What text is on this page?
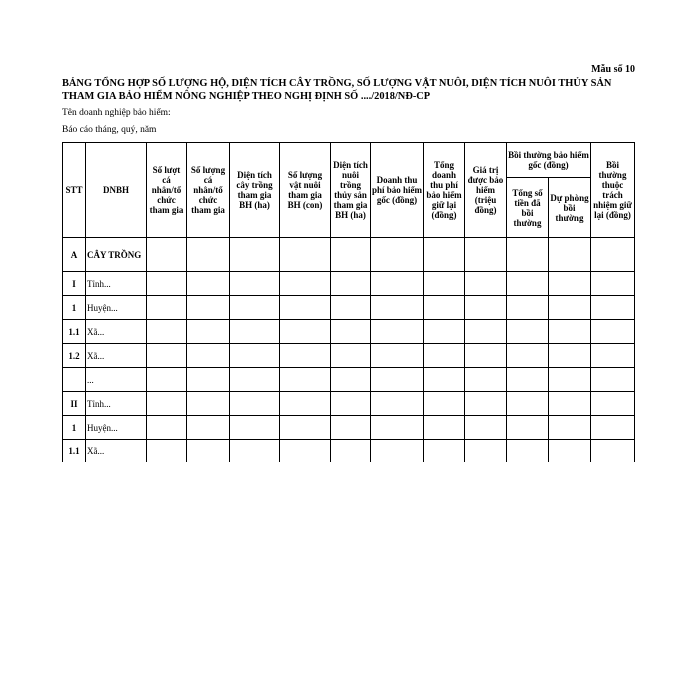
Mẫu số 10
BẢNG TỔNG HỢP SỐ LƯỢNG HỘ, DIỆN TÍCH CÂY TRỒNG, SỐ LƯỢNG VẬT NUÔI, DIỆN TÍCH NUÔI THỦY SẢN
THAM GIA BẢO HIỂM NÔNG NGHIỆP THEO NGHỊ ĐỊNH SỐ ..../2018/NĐ-CP
Tên doanh nghiệp bảo hiểm:
Báo cáo tháng, quý, năm
STT	DNBH	Số lượt cá nhân/tổ chức tham gia	Số lượng cá nhân/tổ chức tham gia	Diện tích cây trồng tham gia BH (ha)	Số lượng vật nuôi tham gia BH (con)	Diện tích nuôi trồng thủy sản tham gia BH (ha)	Doanh thu phí bảo hiểm gốc (đồng)	Tổng doanh thu phí bảo hiểm giữ lại (đồng)	Giá trị được bảo hiểm (triệu đồng)	Bồi thường bảo hiểm gốc (đồng)		Bồi thường thuộc trách nhiệm giữ lại (đồng)
										Tổng số tiền đã bồi thường	Dự phòng bồi thường	
A	CÂY TRỒNG											
I	Tỉnh...											
1	Huyện...											
1.1	Xã...											
1.2	Xã...											
	...											
II	Tỉnh...											
1	Huyện...											
1.1	Xã...											
